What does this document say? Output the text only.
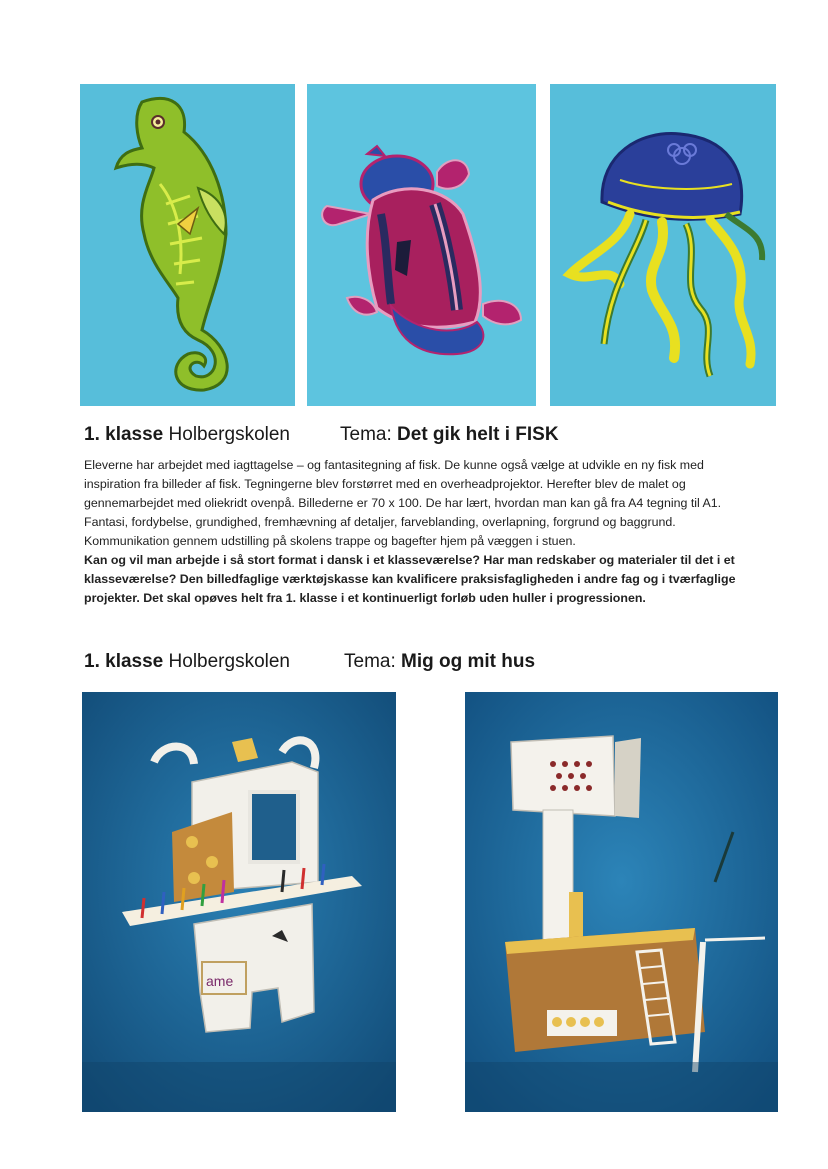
1. klasse Holbergskolen	Tema: Det gik helt i FISK

Eleverne har arbejdet med iagttagelse – og fantasitegning af fisk. De kunne også vælge at udvikle en ny fisk med inspiration fra billeder af fisk. Tegningerne blev forstørret med en overheadprojektor. Herefter blev de malet og gennemarbejdet med oliekridt ovenpå. Billederne er 70 x 100. De har lært, hvordan man kan gå fra A4 tegning til A1. Fantasi, fordybelse, grundighed, fremhævning af detaljer, farveblanding, overlapning, forgrund og baggrund. Kommunikation gennem udstilling på skolens trappe og bagefter hjem på væggen i stuen.

Kan og vil man arbejde i så stort format i dansk i et klasseværelse? Har man redskaber og materialer til det i et klasseværelse? Den billedfaglige værktøjskasse kan kvalificere praksisfagligheden i andre fag og i tværfaglige projekter. Det skal opøves helt fra 1. klasse i et kontinuerligt forløb uden huller i progressionen.

1. klasse Holbergskolen	Tema: Mig og mit hus
ame
